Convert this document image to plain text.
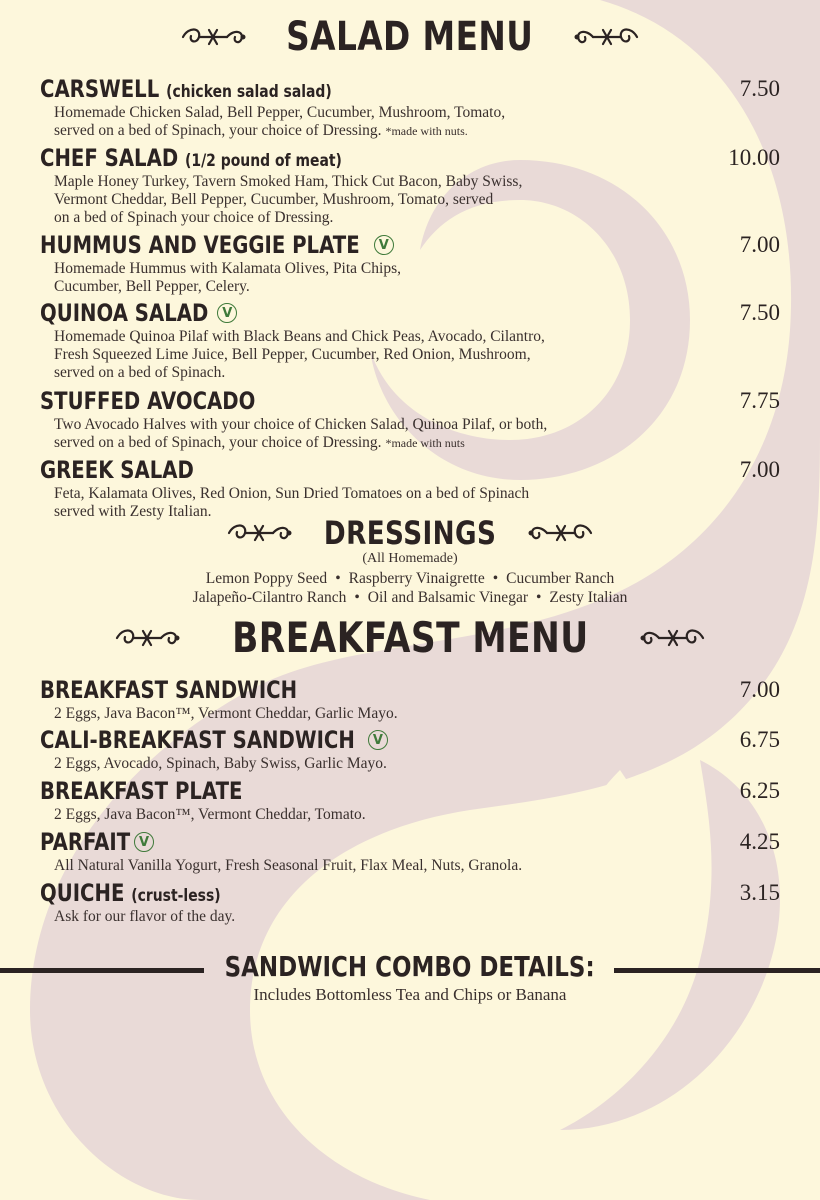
SALAD MENU
CARSWELL (chicken salad salad)	7.50
Homemade Chicken Salad, Bell Pepper, Cucumber, Mushroom, Tomato,
served on a bed of Spinach, your choice of Dressing. *made with nuts.
CHEF SALAD (1/2 pound of meat)	10.00
Maple Honey Turkey, Tavern Smoked Ham, Thick Cut Bacon, Baby Swiss,
Vermont Cheddar, Bell Pepper, Cucumber, Mushroom, Tomato, served
on a bed of Spinach your choice of Dressing.
HUMMUS AND VEGGIE PLATE	V	7.00
Homemade Hummus with Kalamata Olives, Pita Chips,
Cucumber, Bell Pepper, Celery.
QUINOA SALAD	V	7.50
Homemade Quinoa Pilaf with Black Beans and Chick Peas, Avocado, Cilantro,
Fresh Squeezed Lime Juice, Bell Pepper, Cucumber, Red Onion, Mushroom,
served on a bed of Spinach.
STUFFED AVOCADO	7.75
Two Avocado Halves with your choice of Chicken Salad, Quinoa Pilaf, or both,
served on a bed of Spinach, your choice of Dressing. *made with nuts
GREEK SALAD	7.00
Feta, Kalamata Olives, Red Onion, Sun Dried Tomatoes on a bed of Spinach
served with Zesty Italian.
DRESSINGS
(All Homemade)
Lemon Poppy Seed • Raspberry Vinaigrette • Cucumber Ranch
Jalapeño-Cilantro Ranch • Oil and Balsamic Vinegar • Zesty Italian
BREAKFAST MENU
BREAKFAST SANDWICH	7.00
2 Eggs, Java Bacon™, Vermont Cheddar, Garlic Mayo.
CALI-BREAKFAST SANDWICH	V	6.75
2 Eggs, Avocado, Spinach, Baby Swiss, Garlic Mayo.
BREAKFAST PLATE	6.25
2 Eggs, Java Bacon™, Vermont Cheddar, Tomato.
PARFAIT V	4.25
All Natural Vanilla Yogurt, Fresh Seasonal Fruit, Flax Meal, Nuts, Granola.
QUICHE (crust-less)	3.15
Ask for our flavor of the day.
SANDWICH COMBO DETAILS:
Includes Bottomless Tea and Chips or Banana
